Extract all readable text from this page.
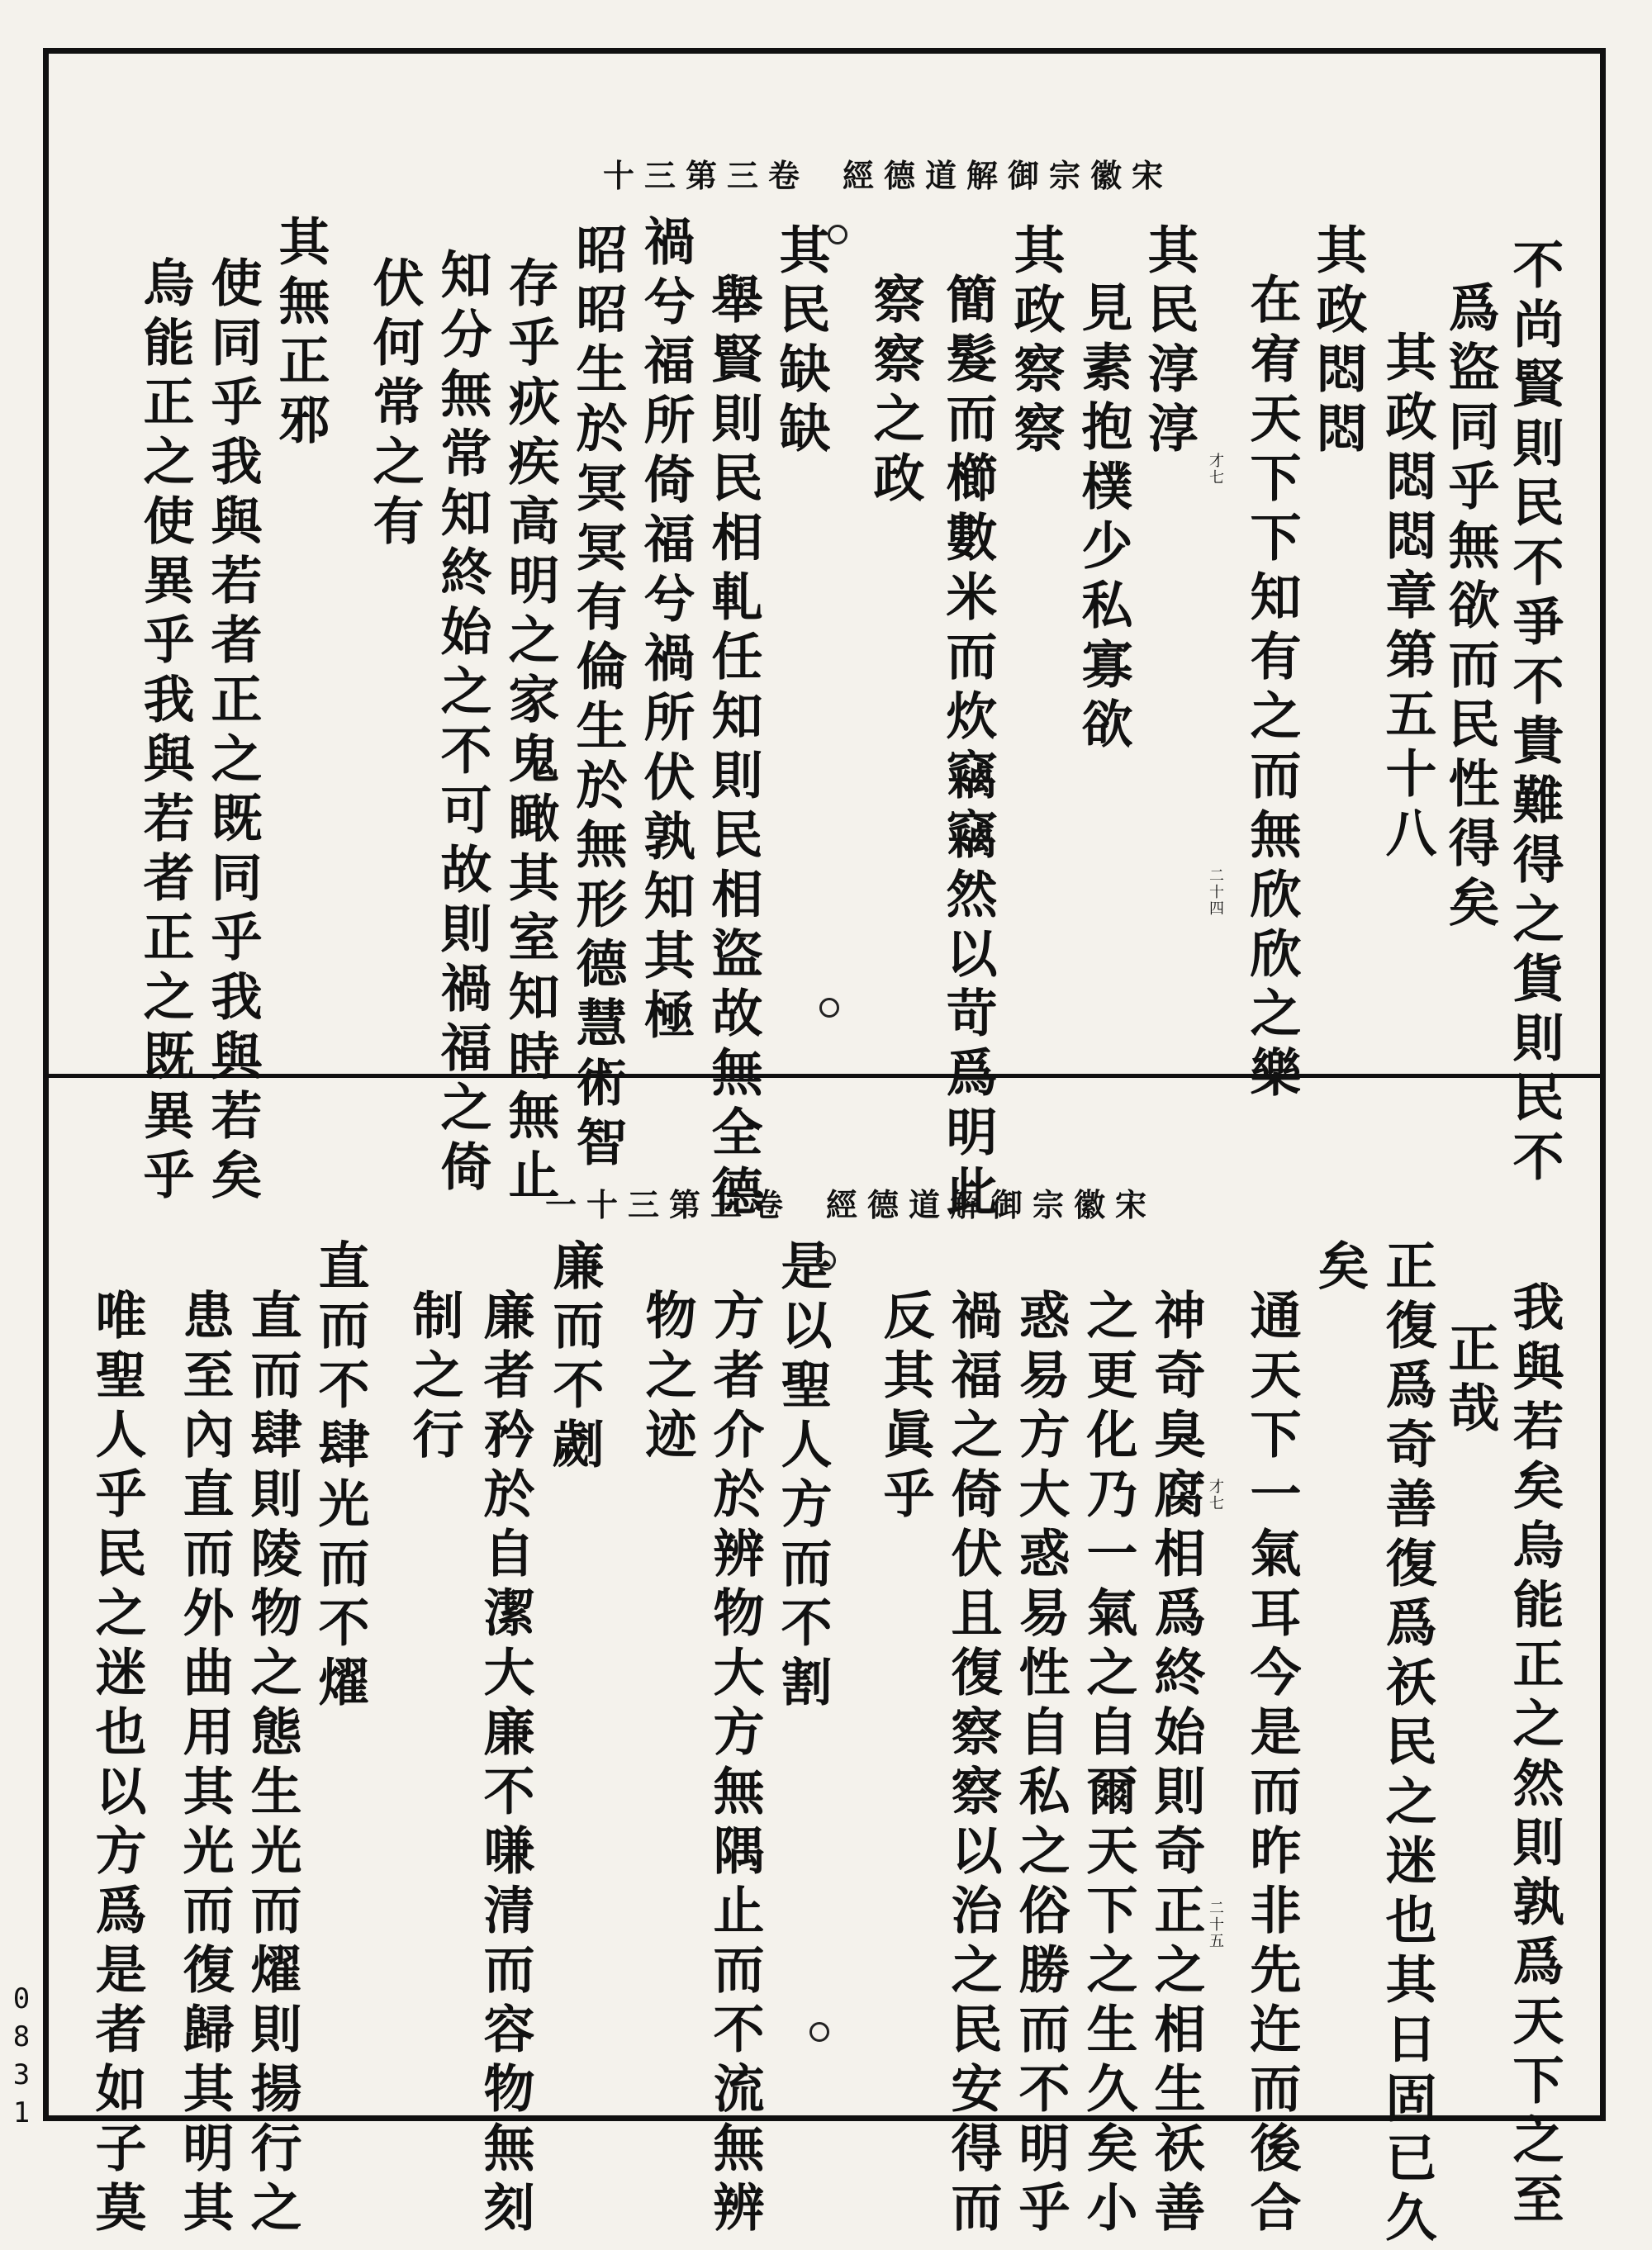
宋徽宗御解道德經卷三第三十
不尚賢則民不爭不貴難得之貨則民不
爲盜同乎無欲而民性得矣
其政悶悶章第五十八
其政悶悶
在宥天下下知有之而無欣欣之樂
其民淳淳
見素抱樸少私寡欲
其政察察
簡髮而櫛數米而炊竊竊然以苛爲明此
察察之政
其民缺缺
舉賢則民相軋任知則民相盜故無全德
禍兮福所倚福兮禍所伏孰知其極
昭昭生於冥冥有倫生於無形德慧術智
存乎疢疾高明之家鬼瞰其室知時無止
知分無常知終始之不可故則禍福之倚
伏何常之有
其無正邪
使同乎我與若者正之既同乎我與若矣
烏能正之使異乎我與若者正之既異乎	才七
二十四
宋徽宗御解道德經卷三第三十一
我與若矣烏能正之然則孰爲天下之至
正哉
正復爲奇善復爲祅民之迷也其日固已久
矣
通天下一氣耳今是而昨非先迕而後合
神奇臭腐相爲終始則奇正之相生祅善
之更化乃一氣之自爾天下之生久矣小
惑易方大惑易性自私之俗勝而不明乎
禍福之倚伏且復察察以治之民安得而
反其眞乎
是以聖人方而不割
方者介於辨物大方無隅止而不流無辨
物之迹
廉而不劌
廉者矜於自潔大廉不嗛清而容物無刻
制之行
直而不肆光而不燿
直而肆則陵物之態生光而燿則揚行之
患至內直而外曲用其光而復歸其明其
唯聖人乎民之迷也以方爲是者如子莫	才七
二十五
0831
